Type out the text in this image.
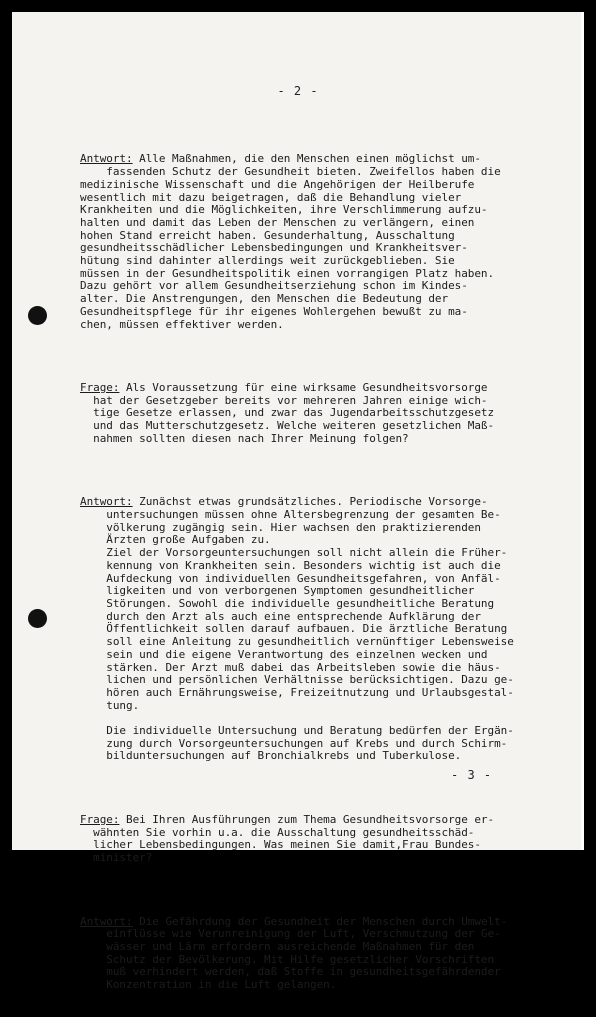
- 2 -

Antwort: Alle Maßnahmen, die den Menschen einen möglichst um-
fassenden Schutz der Gesundheit bieten. Zweifellos haben die
medizinische Wissenschaft und die Angehörigen der Heilberufe
wesentlich mit dazu beigetragen, daß die Behandlung vieler
Krankheiten und die Möglichkeiten, ihre Verschlimmerung aufzu-
halten und damit das Leben der Menschen zu verlängern, einen
hohen Stand erreicht haben. Gesunderhaltung, Ausschaltung
gesundheitsschädlicher Lebensbedingungen und Krankheitsver-
hütung sind dahinter allerdings weit zurückgeblieben. Sie
müssen in der Gesundheitspolitik einen vorrangigen Platz haben.
Dazu gehört vor allem Gesundheitserziehung schon im Kindes-
alter. Die Anstrengungen, den Menschen die Bedeutung der
Gesundheitspflege für ihr eigenes Wohlergehen bewußt zu ma-
chen, müssen effektiver werden.

Frage: Als Voraussetzung für eine wirksame Gesundheitsvorsorge
hat der Gesetzgeber bereits vor mehreren Jahren einige wich-
tige Gesetze erlassen, und zwar das Jugendarbeitsschutzgesetz
und das Mutterschutzgesetz. Welche weiteren gesetzlichen Maß-
nahmen sollten diesen nach Ihrer Meinung folgen?

Antwort: Zunächst etwas grundsätzliches. Periodische Vorsorge-
untersuchungen müssen ohne Altersbegrenzung der gesamten Be-
völkerung zugängig sein. Hier wachsen den praktizierenden
Ärzten große Aufgaben zu.
Ziel der Vorsorgeuntersuchungen soll nicht allein die Früher-
kennung von Krankheiten sein. Besonders wichtig ist auch die
Aufdeckung von individuellen Gesundheitsgefahren, von Anfäl-
ligkeiten und von verborgenen Symptomen gesundheitlicher
Störungen. Sowohl die individuelle gesundheitliche Beratung
durch den Arzt als auch eine entsprechende Aufklärung der
Öffentlichkeit sollen darauf aufbauen. Die ärztliche Beratung
soll eine Anleitung zu gesundheitlich vernünftiger Lebensweise
sein und die eigene Verantwortung des einzelnen wecken und
stärken. Der Arzt muß dabei das Arbeitsleben sowie die häus-
lichen und persönlichen Verhältnisse berücksichtigen. Dazu ge-
hören auch Ernährungsweise, Freizeitnutzung und Urlaubsgestal-
tung.

Die individuelle Untersuchung und Beratung bedürfen der Ergän-
zung durch Vorsorgeuntersuchungen auf Krebs und durch Schirm-
bilduntersuchungen auf Bronchialkrebs und Tuberkulose.

Frage: Bei Ihren Ausführungen zum Thema Gesundheitsvorsorge er-
wähnten Sie vorhin u.a. die Ausschaltung gesundheitsschäd-
licher Lebensbedingungen. Was meinen Sie damit,Frau Bundes-
minister?

Antwort: Die Gefährdung der Gesundheit der Menschen durch Umwelt-
einflüsse wie Verunreinigung der Luft, Verschmutzung der Ge-
wässer und Lärm erfordern ausreichende Maßnahmen für den
Schutz der Bevölkerung. Mit Hilfe gesetzlicher Vorschriften
muß verhindert werden, daß Stoffe in gesundheitsgefährdender
Konzentration in die Luft gelangen.

- 3 -
